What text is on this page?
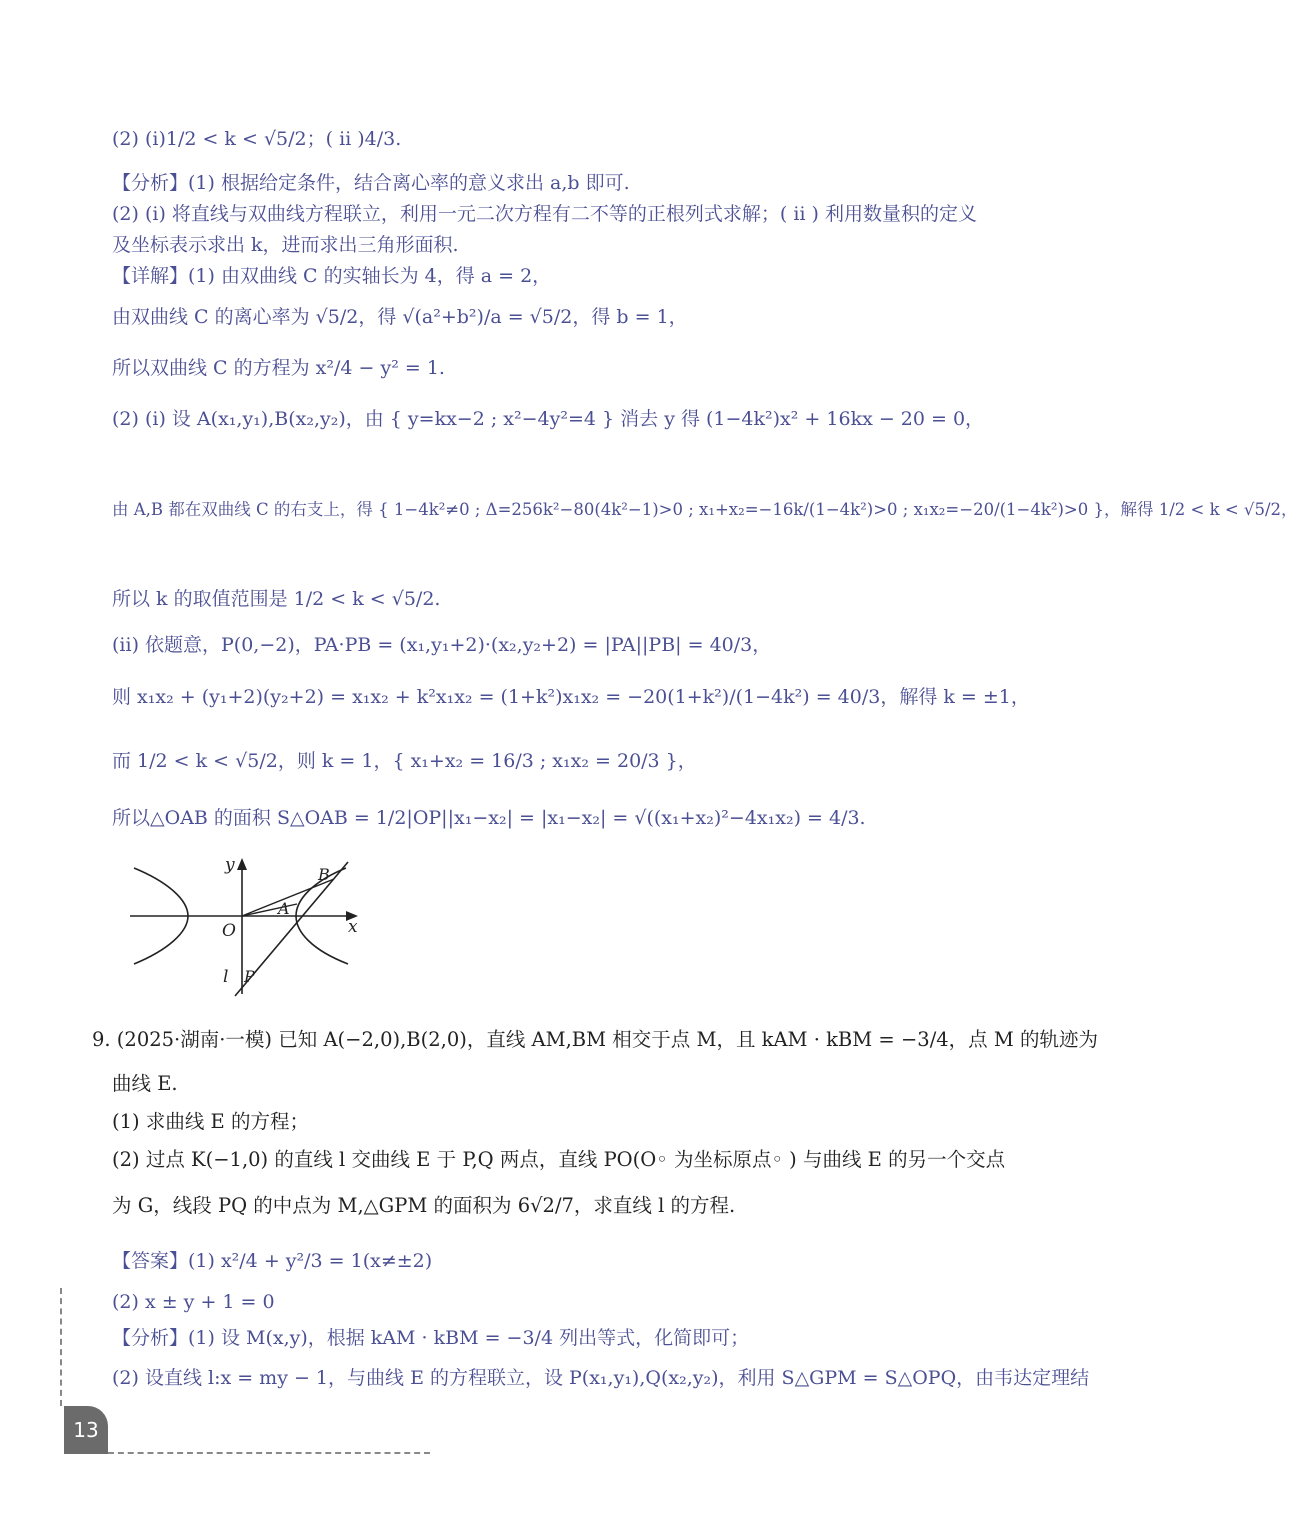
(2) (i)1/2 < k < √5/2；( ⅱ )4/3.
【分析】(1) 根据给定条件，结合离心率的意义求出 a,b 即可.
(2) (i) 将直线与双曲线方程联立，利用一元二次方程有二不等的正根列式求解；( ⅱ ) 利用数量积的定义
及坐标表示求出 k，进而求出三角形面积.
【详解】(1) 由双曲线 C 的实轴长为 4，得 a = 2，
由双曲线 C 的离心率为 √5/2，得 √(a²+b²)/a = √5/2，得 b = 1，
所以双曲线 C 的方程为 x²/4 − y² = 1.
(2) (i) 设 A(x₁,y₁),B(x₂,y₂)，由 { y=kx−2 ; x²−4y²=4 } 消去 y 得 (1−4k²)x² + 16kx − 20 = 0，
由 A,B 都在双曲线 C 的右支上，得 { 1−4k²≠0 ; Δ=256k²−80(4k²−1)>0 ; x₁+x₂=−16k/(1−4k²)>0 ; x₁x₂=−20/(1−4k²)>0 }，解得 1/2 < k < √5/2，
所以 k 的取值范围是 1/2 < k < √5/2.
(ii) 依题意，P(0,−2)，PA·PB = (x₁,y₁+2)·(x₂,y₂+2) = |PA||PB| = 40/3，
则 x₁x₂ + (y₁+2)(y₂+2) = x₁x₂ + k²x₁x₂ = (1+k²)x₁x₂ = −20(1+k²)/(1−4k²) = 40/3，解得 k = ±1，
而 1/2 < k < √5/2，则 k = 1，{ x₁+x₂ = 16/3 ; x₁x₂ = 20/3 }，
所以△OAB 的面积 S△OAB = 1/2|OP||x₁−x₂| = |x₁−x₂| = √((x₁+x₂)²−4x₁x₂) = 4/3.
y
x
O
A
B
l P
9. (2025·湖南·一模) 已知 A(−2,0),B(2,0)，直线 AM,BM 相交于点 M，且 kAM · kBM = −3/4，点 M 的轨迹为
曲线 E.
(1) 求曲线 E 的方程；
(2) 过点 K(−1,0) 的直线 l 交曲线 E 于 P,Q 两点，直线 PO(O◦ 为坐标原点◦ ) 与曲线 E 的另一个交点
为 G，线段 PQ 的中点为 M,△GPM 的面积为 6√2/7，求直线 l 的方程.
【答案】(1) x²/4 + y²/3 = 1(x≠±2)
(2) x ± y + 1 = 0
【分析】(1) 设 M(x,y)，根据 kAM · kBM = −3/4 列出等式，化简即可；
(2) 设直线 l:x = my − 1，与曲线 E 的方程联立，设 P(x₁,y₁),Q(x₂,y₂)，利用 S△GPM = S△OPQ，由韦达定理结
13
